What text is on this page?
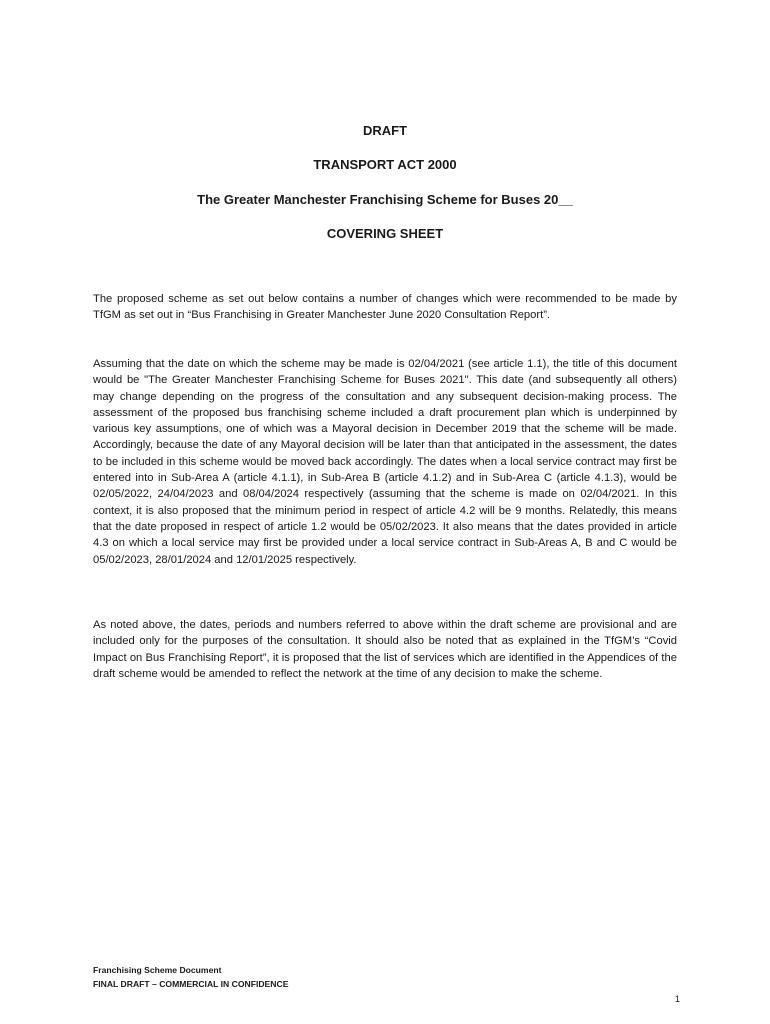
DRAFT
TRANSPORT ACT 2000
The Greater Manchester Franchising Scheme for Buses 20__
COVERING SHEET

The proposed scheme as set out below contains a number of changes which were recommended to be made by TfGM as set out in “Bus Franchising in Greater Manchester June 2020 Consultation Report”.

Assuming that the date on which the scheme may be made is 02/04/2021 (see article 1.1), the title of this document would be "The Greater Manchester Franchising Scheme for Buses 2021". This date (and subsequently all others) may change depending on the progress of the consultation and any subsequent decision-making process. The assessment of the proposed bus franchising scheme included a draft procurement plan which is underpinned by various key assumptions, one of which was a Mayoral decision in December 2019 that the scheme will be made. Accordingly, because the date of any Mayoral decision will be later than that anticipated in the assessment, the dates to be included in this scheme would be moved back accordingly. The dates when a local service contract may first be entered into in Sub-Area A (article 4.1.1), in Sub-Area B (article 4.1.2) and in Sub-Area C (article 4.1.3), would be 02/05/2022, 24/04/2023 and 08/04/2024 respectively (assuming that the scheme is made on 02/04/2021. In this context, it is also proposed that the minimum period in respect of article 4.2 will be 9 months. Relatedly, this means that the date proposed in respect of article 1.2 would be 05/02/2023. It also means that the dates provided in article 4.3 on which a local service may first be provided under a local service contract in Sub-Areas A, B and C would be 05/02/2023, 28/01/2024 and 12/01/2025 respectively.

As noted above, the dates, periods and numbers referred to above within the draft scheme are provisional and are included only for the purposes of the consultation. It should also be noted that as explained in the TfGM’s “Covid Impact on Bus Franchising Report”, it is proposed that the list of services which are identified in the Appendices of the draft scheme would be amended to reflect the network at the time of any decision to make the scheme.

Franchising Scheme Document
FINAL DRAFT – COMMERCIAL IN CONFIDENCE
1
